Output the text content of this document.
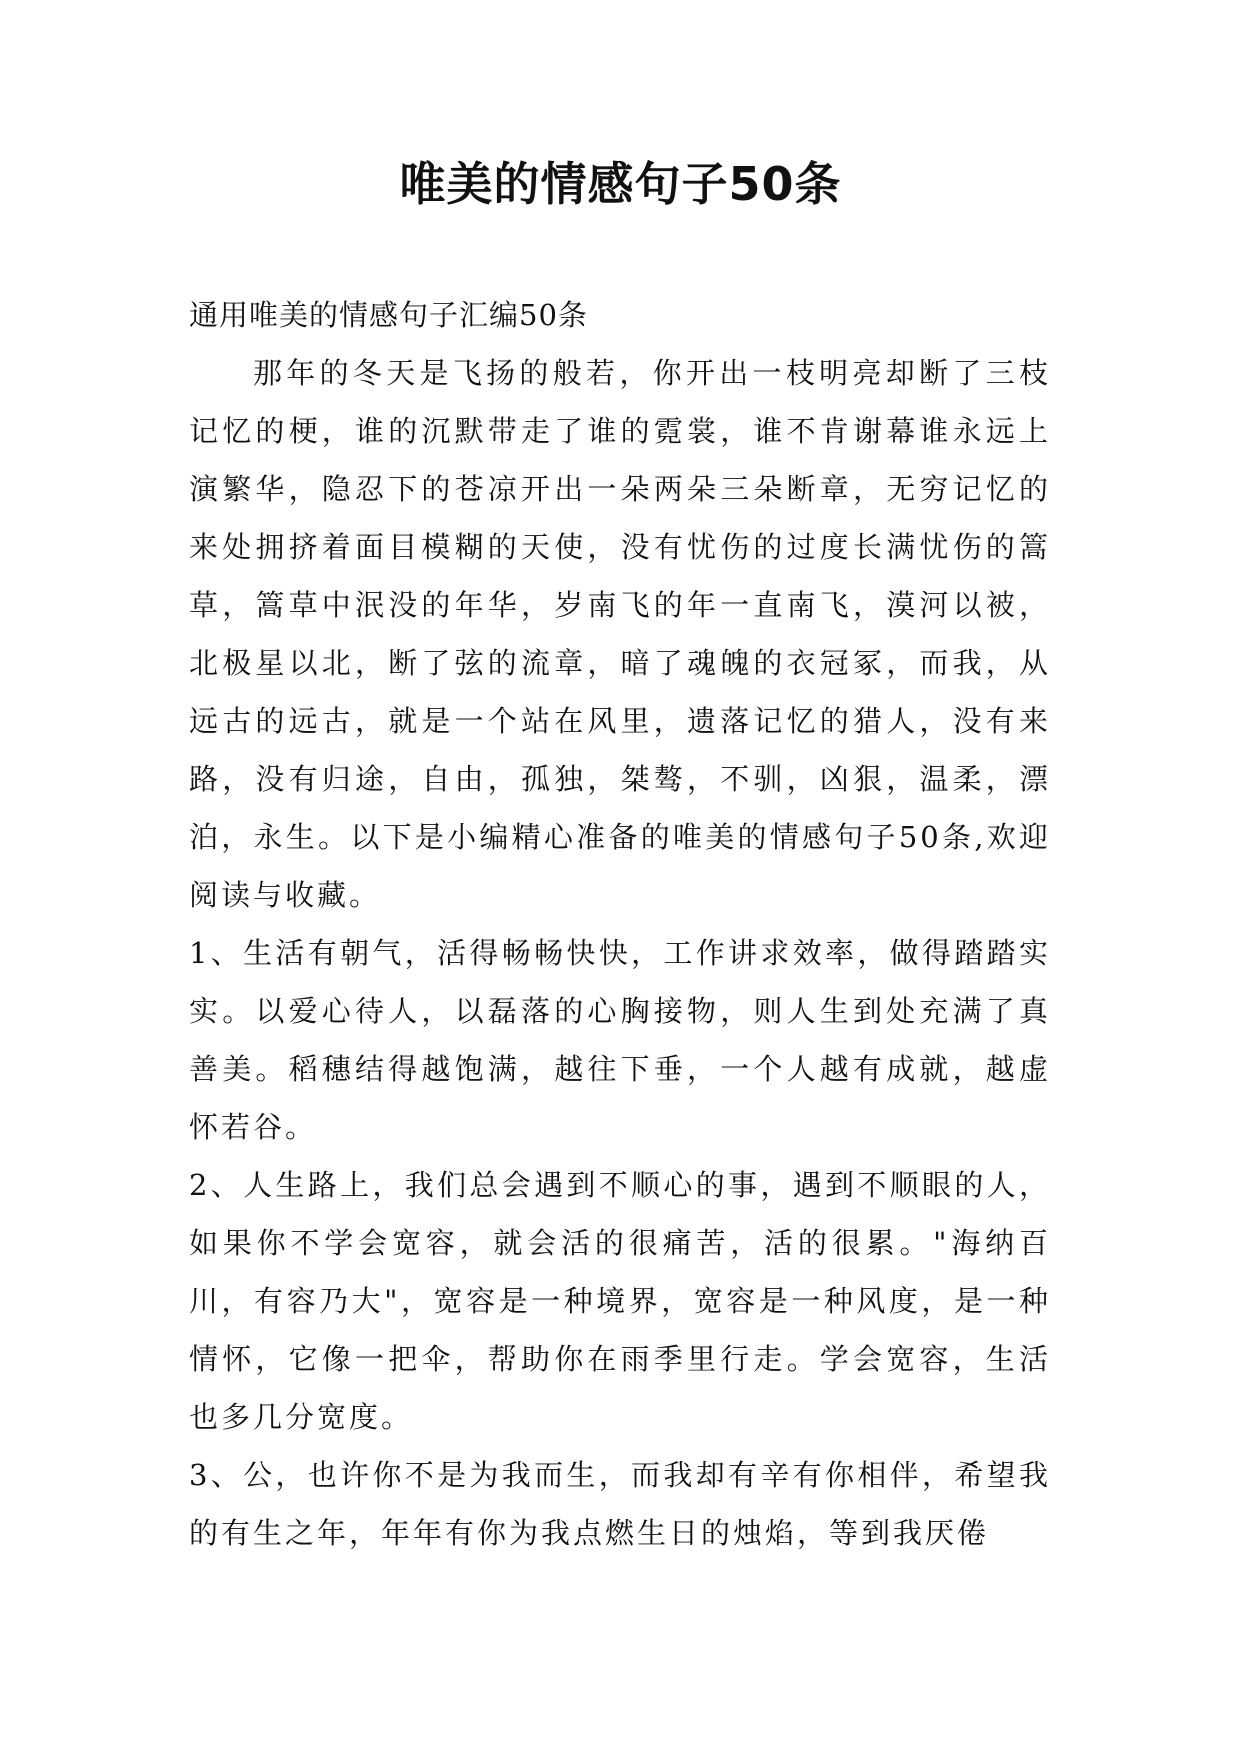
唯美的情感句子50条

通用唯美的情感句子汇编50条

那年的冬天是飞扬的般若，你开出一枝明亮却断了三枝记忆的梗，谁的沉默带走了谁的霓裳，谁不肯谢幕谁永远上演繁华，隐忍下的苍凉开出一朵两朵三朵断章，无穷记忆的来处拥挤着面目模糊的天使，没有忧伤的过度长满忧伤的篙草，篙草中泯没的年华，岁南飞的年一直南飞，漠河以被，北极星以北，断了弦的流章，暗了魂魄的衣冠冢，而我，从远古的远古，就是一个站在风里，遗落记忆的猎人，没有来路，没有归途，自由，孤独，桀骜，不驯，凶狠，温柔，漂泊，永生。以下是小编精心准备的唯美的情感句子50条,欢迎阅读与收藏。

1、生活有朝气，活得畅畅快快，工作讲求效率，做得踏踏实实。以爱心待人，以磊落的心胸接物，则人生到处充满了真善美。稻穗结得越饱满，越往下垂，一个人越有成就，越虚怀若谷。

2、人生路上，我们总会遇到不顺心的事，遇到不顺眼的人，如果你不学会宽容，就会活的很痛苦，活的很累。"海纳百川，有容乃大"，宽容是一种境界，宽容是一种风度，是一种情怀，它像一把伞，帮助你在雨季里行走。学会宽容，生活也多几分宽度。

3、公，也许你不是为我而生，而我却有辛有你相伴，希望我的有生之年，年年有你为我点燃生日的烛焰，等到我厌倦
